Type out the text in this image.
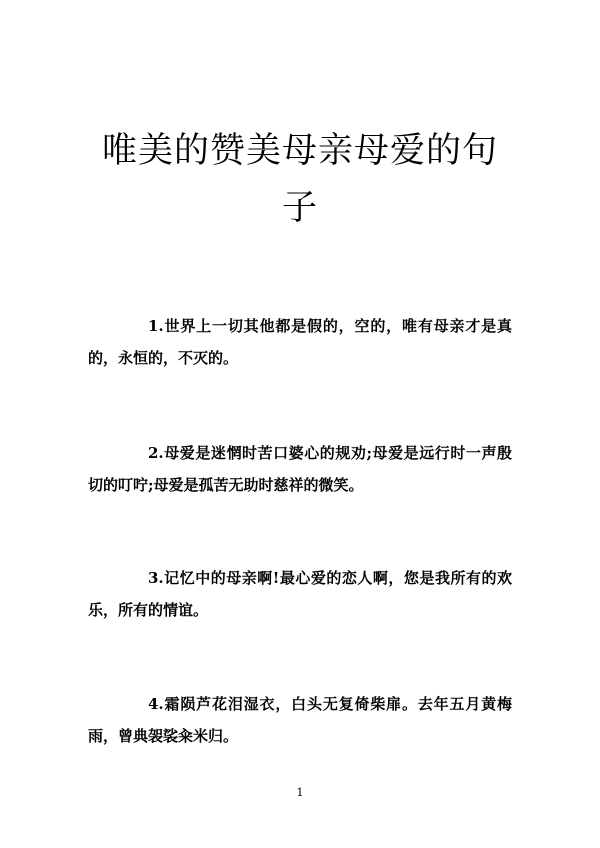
唯美的赞美母亲母爱的句子

1.世界上一切其他都是假的，空的，唯有母亲才是真的，永恒的，不灭的。

2.母爱是迷惘时苦口婆心的规劝;母爱是远行时一声殷切的叮咛;母爱是孤苦无助时慈祥的微笑。

3.记忆中的母亲啊!最心爱的恋人啊，您是我所有的欢乐，所有的情谊。

4.霜陨芦花泪湿衣，白头无复倚柴扉。去年五月黄梅雨，曾典袈裟籴米归。

1
